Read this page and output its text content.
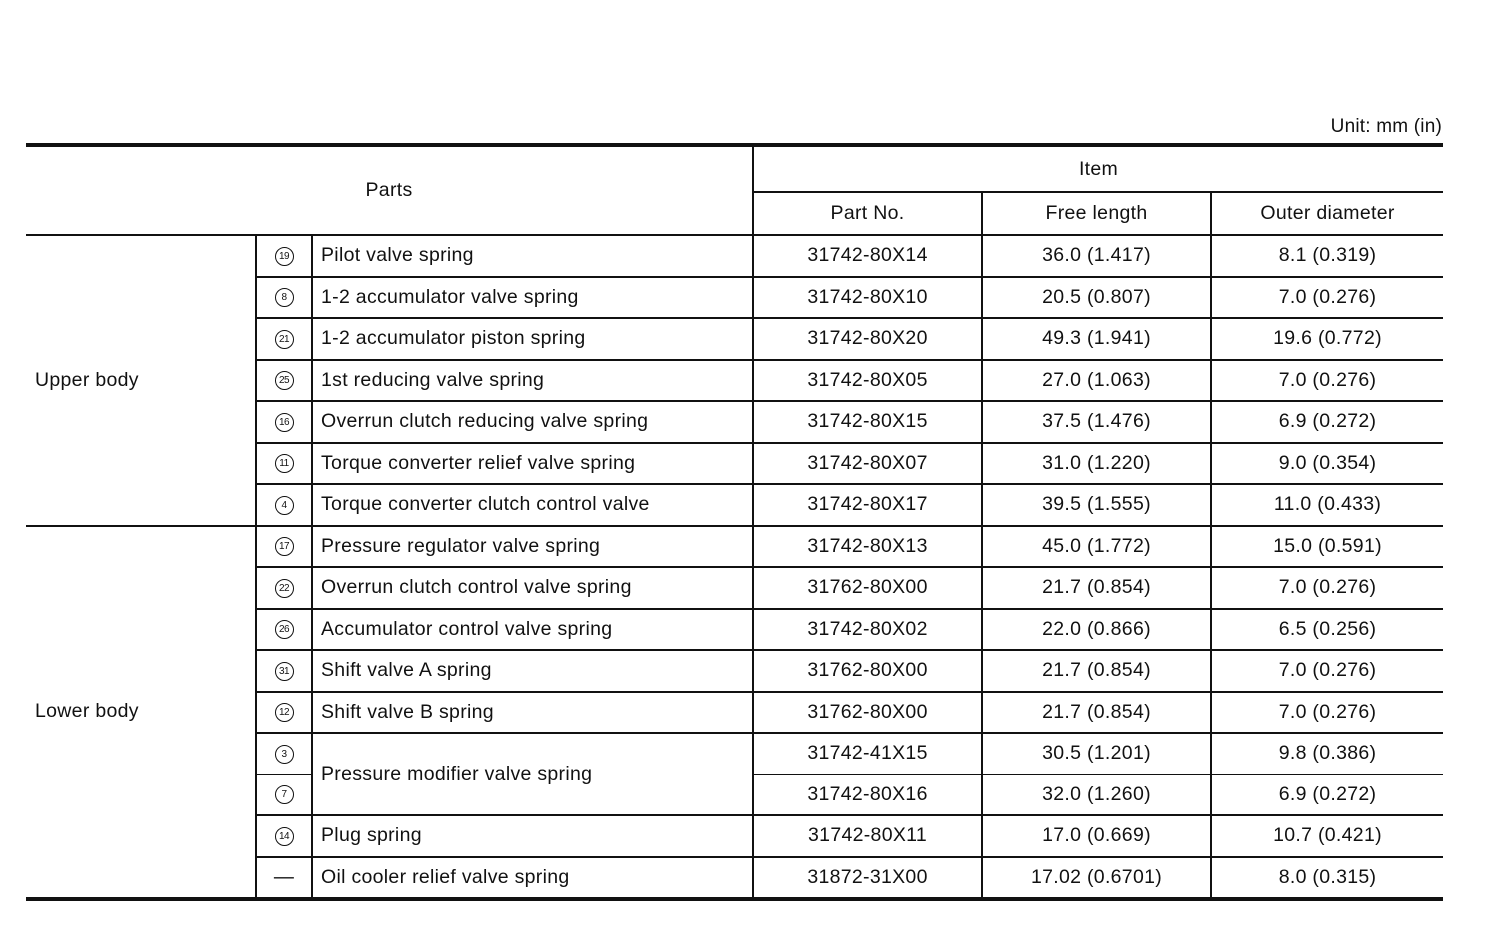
Unit: mm (in)
Parts			Item		
			Part No.	Free length	Outer diameter
Upper body	19	Pilot valve spring	31742-80X14	36.0 (1.417)	8.1 (0.319)
	8	1-2 accumulator valve spring	31742-80X10	20.5 (0.807)	7.0 (0.276)
	21	1-2 accumulator piston spring	31742-80X20	49.3 (1.941)	19.6 (0.772)
	25	1st reducing valve spring	31742-80X05	27.0 (1.063)	7.0 (0.276)
	16	Overrun clutch reducing valve spring	31742-80X15	37.5 (1.476)	6.9 (0.272)
	11	Torque converter relief valve spring	31742-80X07	31.0 (1.220)	9.0 (0.354)
	4	Torque converter clutch control valve	31742-80X17	39.5 (1.555)	11.0 (0.433)
Lower body	17	Pressure regulator valve spring	31742-80X13	45.0 (1.772)	15.0 (0.591)
	22	Overrun clutch control valve spring	31762-80X00	21.7 (0.854)	7.0 (0.276)
	26	Accumulator control valve spring	31742-80X02	22.0 (0.866)	6.5 (0.256)
	31	Shift valve A spring	31762-80X00	21.7 (0.854)	7.0 (0.276)
	12	Shift valve B spring	31762-80X00	21.7 (0.854)	7.0 (0.276)
	3	Pressure modifier valve spring	31742-41X15	30.5 (1.201)	9.8 (0.386)
	7		31742-80X16	32.0 (1.260)	6.9 (0.272)
	14	Plug spring	31742-80X11	17.0 (0.669)	10.7 (0.421)
	—	Oil cooler relief valve spring	31872-31X00	17.02 (0.6701)	8.0 (0.315)
